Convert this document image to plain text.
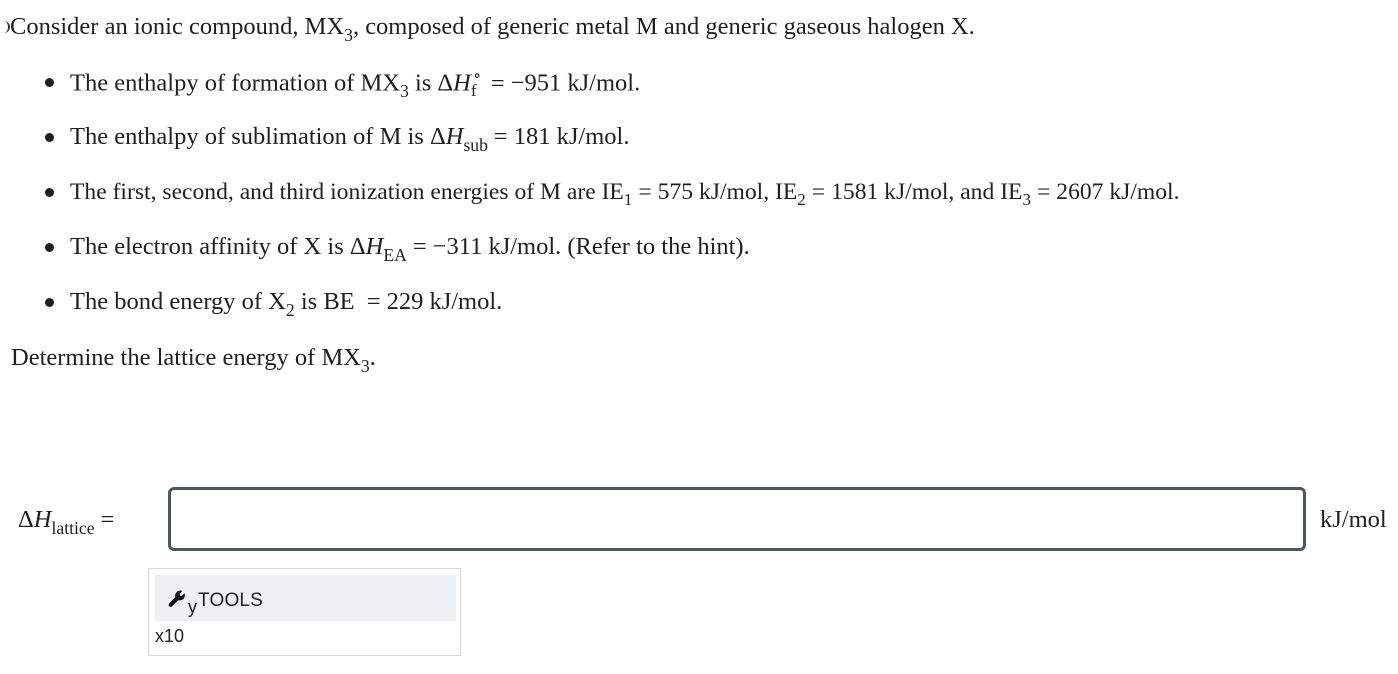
Consider an ionic compound, $MX_3$, composed of generic metal M and generic gaseous halogen X.
The enthalpy of formation of $MX_3$ is ΔH ∘
f = −951 kJ/mol.
The enthalpy of sublimation of M is $\Delta H_{sub} = 181$ kJ/mol.
The first, second, and third ionization energies of M are $IE_1 = 575$ kJ/mol, $IE_2 = 1581$ kJ/mol, and $IE_3 = 2607$ kJ/mol.
The electron affinity of X is $\Delta H_{EA} = -311$ kJ/mol. (Refer to the hint).
The bond energy of $X_2$ is BE = 229 kJ/mol.
Determine the lattice energy of $MX_3$.
$\Delta H_{lattice}$ =	kJ/mol
y TOOLS
x10
